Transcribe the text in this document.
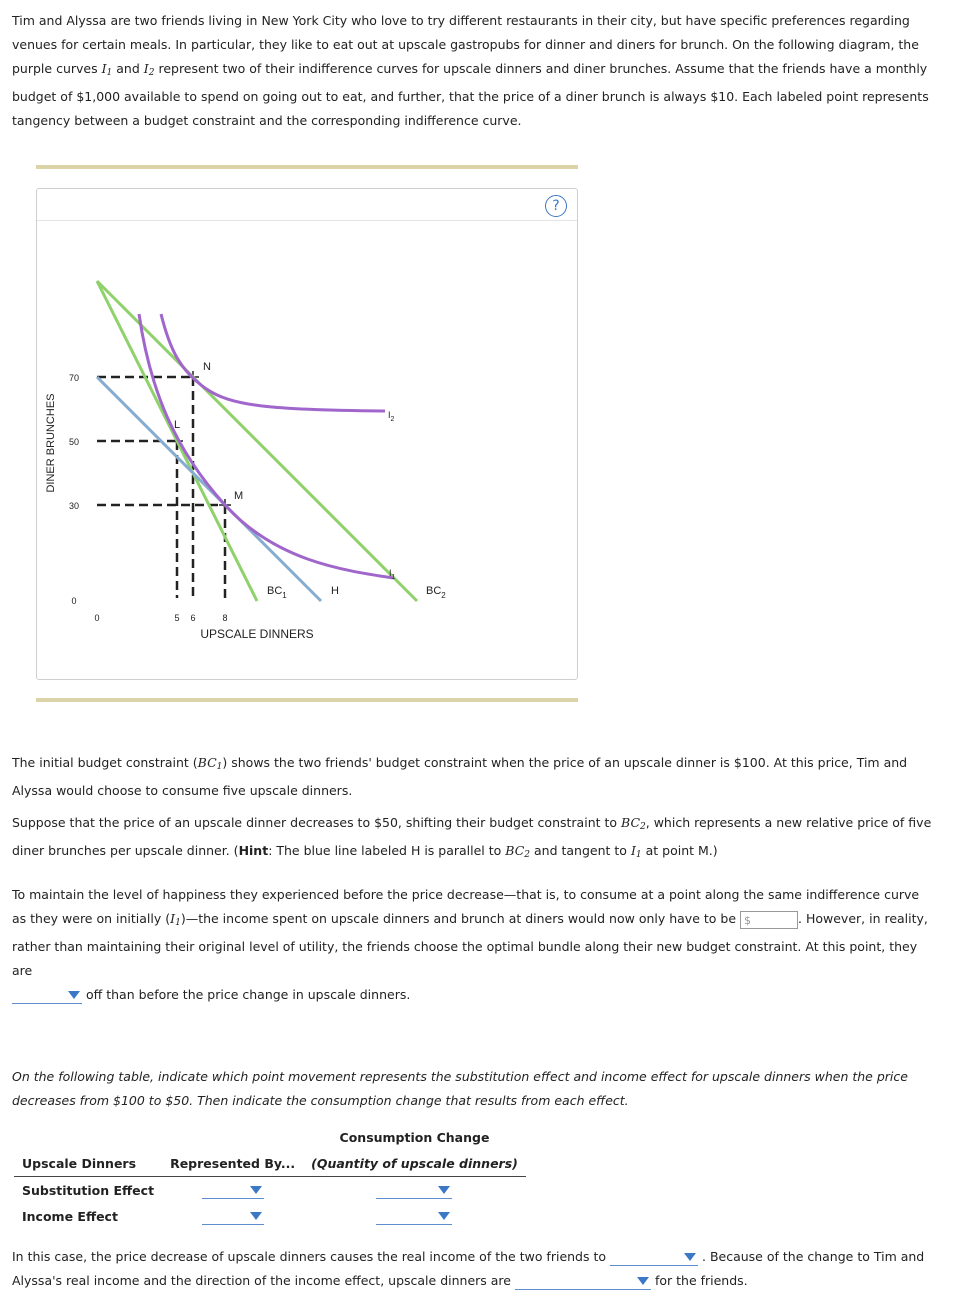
Tim and Alyssa are two friends living in New York City who love to try different restaurants in their city, but have specific preferences regarding venues for certain meals. In particular, they like to eat out at upscale gastropubs for dinner and diners for brunch. On the following diagram, the purple curves $I_1$ and $I_2$ represent two of their indifference curves for upscale dinners and diner brunches. Assume that the friends have a monthly budget of $1,000 available to spend on going out to eat, and further, that the price of a diner brunch is always $10. Each labeled point represents tangency between a budget constraint and the corresponding indifference curve.

?
DINER BRUNCHES
70
50
30
0
0	5 6	8
UPSCALE DINNERS
N
L
M
H
$BC_1$	$BC_2$
$I_1$
$I_2$

The initial budget constraint $(BC_1)$ shows the two friends' budget constraint when the price of an upscale dinner is $100. At this price, Tim and Alyssa would choose to consume five upscale dinners.

Suppose that the price of an upscale dinner decreases to $50, shifting their budget constraint to $BC_2$, which represents a new relative price of five diner brunches per upscale dinner. (Hint: The blue line labeled H is parallel to $BC_2$ and tangent to $I_1$ at point M.)

To maintain the level of happiness they experienced before the price decrease—that is, to consume at a point along the same indifference curve as they were on initially $(I_1)—the$ income spent on upscale dinners and brunch at diners would now only have to be $	. However, in reality, rather than maintaining their original level of utility, the friends choose the optimal bundle along their new budget constraint. At this point, they are

off than before the price change in upscale dinners.

On the following table, indicate which point movement represents the substitution effect and income effect for upscale dinners when the price decreases from $100 to $50. Then indicate the consumption change that results from each effect.

		Consumption Change
Upscale Dinners	Represented By...	(Quantity of upscale dinners)
Substitution Effect	

Income Effect	

In this case, the price decrease of upscale dinners causes the real income of the two friends to	. Because of the change to Tim and Alyssa's real income and the direction of the income effect, upscale dinners are	for the friends.
